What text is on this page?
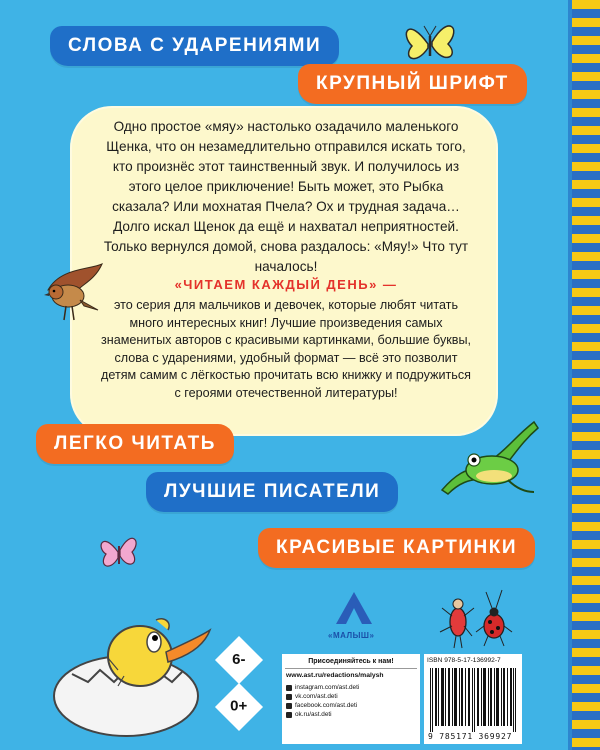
СЛОВА С УДАРЕНИЯМИ
КРУПНЫЙ ШРИФТ

Одно простое «мяу» настолько озадачило маленького Щенка, что он незамедлительно отправился искать того, кто произнёс этот таинственный звук. И получилось из этого целое приключение! Быть может, это Рыбка сказала? Или мохнатая Пчела? Ох и трудная задача… Долго искал Щенок да ещё и нахватал неприятностей. Только вернулся домой, снова раздалось: «Мяу!» Что тут началось!

«ЧИТАЕМ КАЖДЫЙ ДЕНЬ» —

это серия для мальчиков и девочек, которые любят читать много интересных книг! Лучшие произведения самых знаменитых авторов с красивыми картинками, большие буквы, слова с ударениями, удобный формат — всё это позволит детям самим с лёгкостью прочитать всю книжку и подружиться с героями отечественной литературы!

ЛЕГКО ЧИТАТЬ
ЛУЧШИЕ ПИСАТЕЛИ
КРАСИВЫЕ КАРТИНКИ
«МАЛЫШ»
6-
0+
Присоединяйтесь к нам!
www.ast.ru/redactions/malysh
instagram.com/ast.deti
vk.com/ast.deti
facebook.com/ast.deti
ok.ru/ast.deti
ISBN 978-5-17-136992-7
9 785171 369927
